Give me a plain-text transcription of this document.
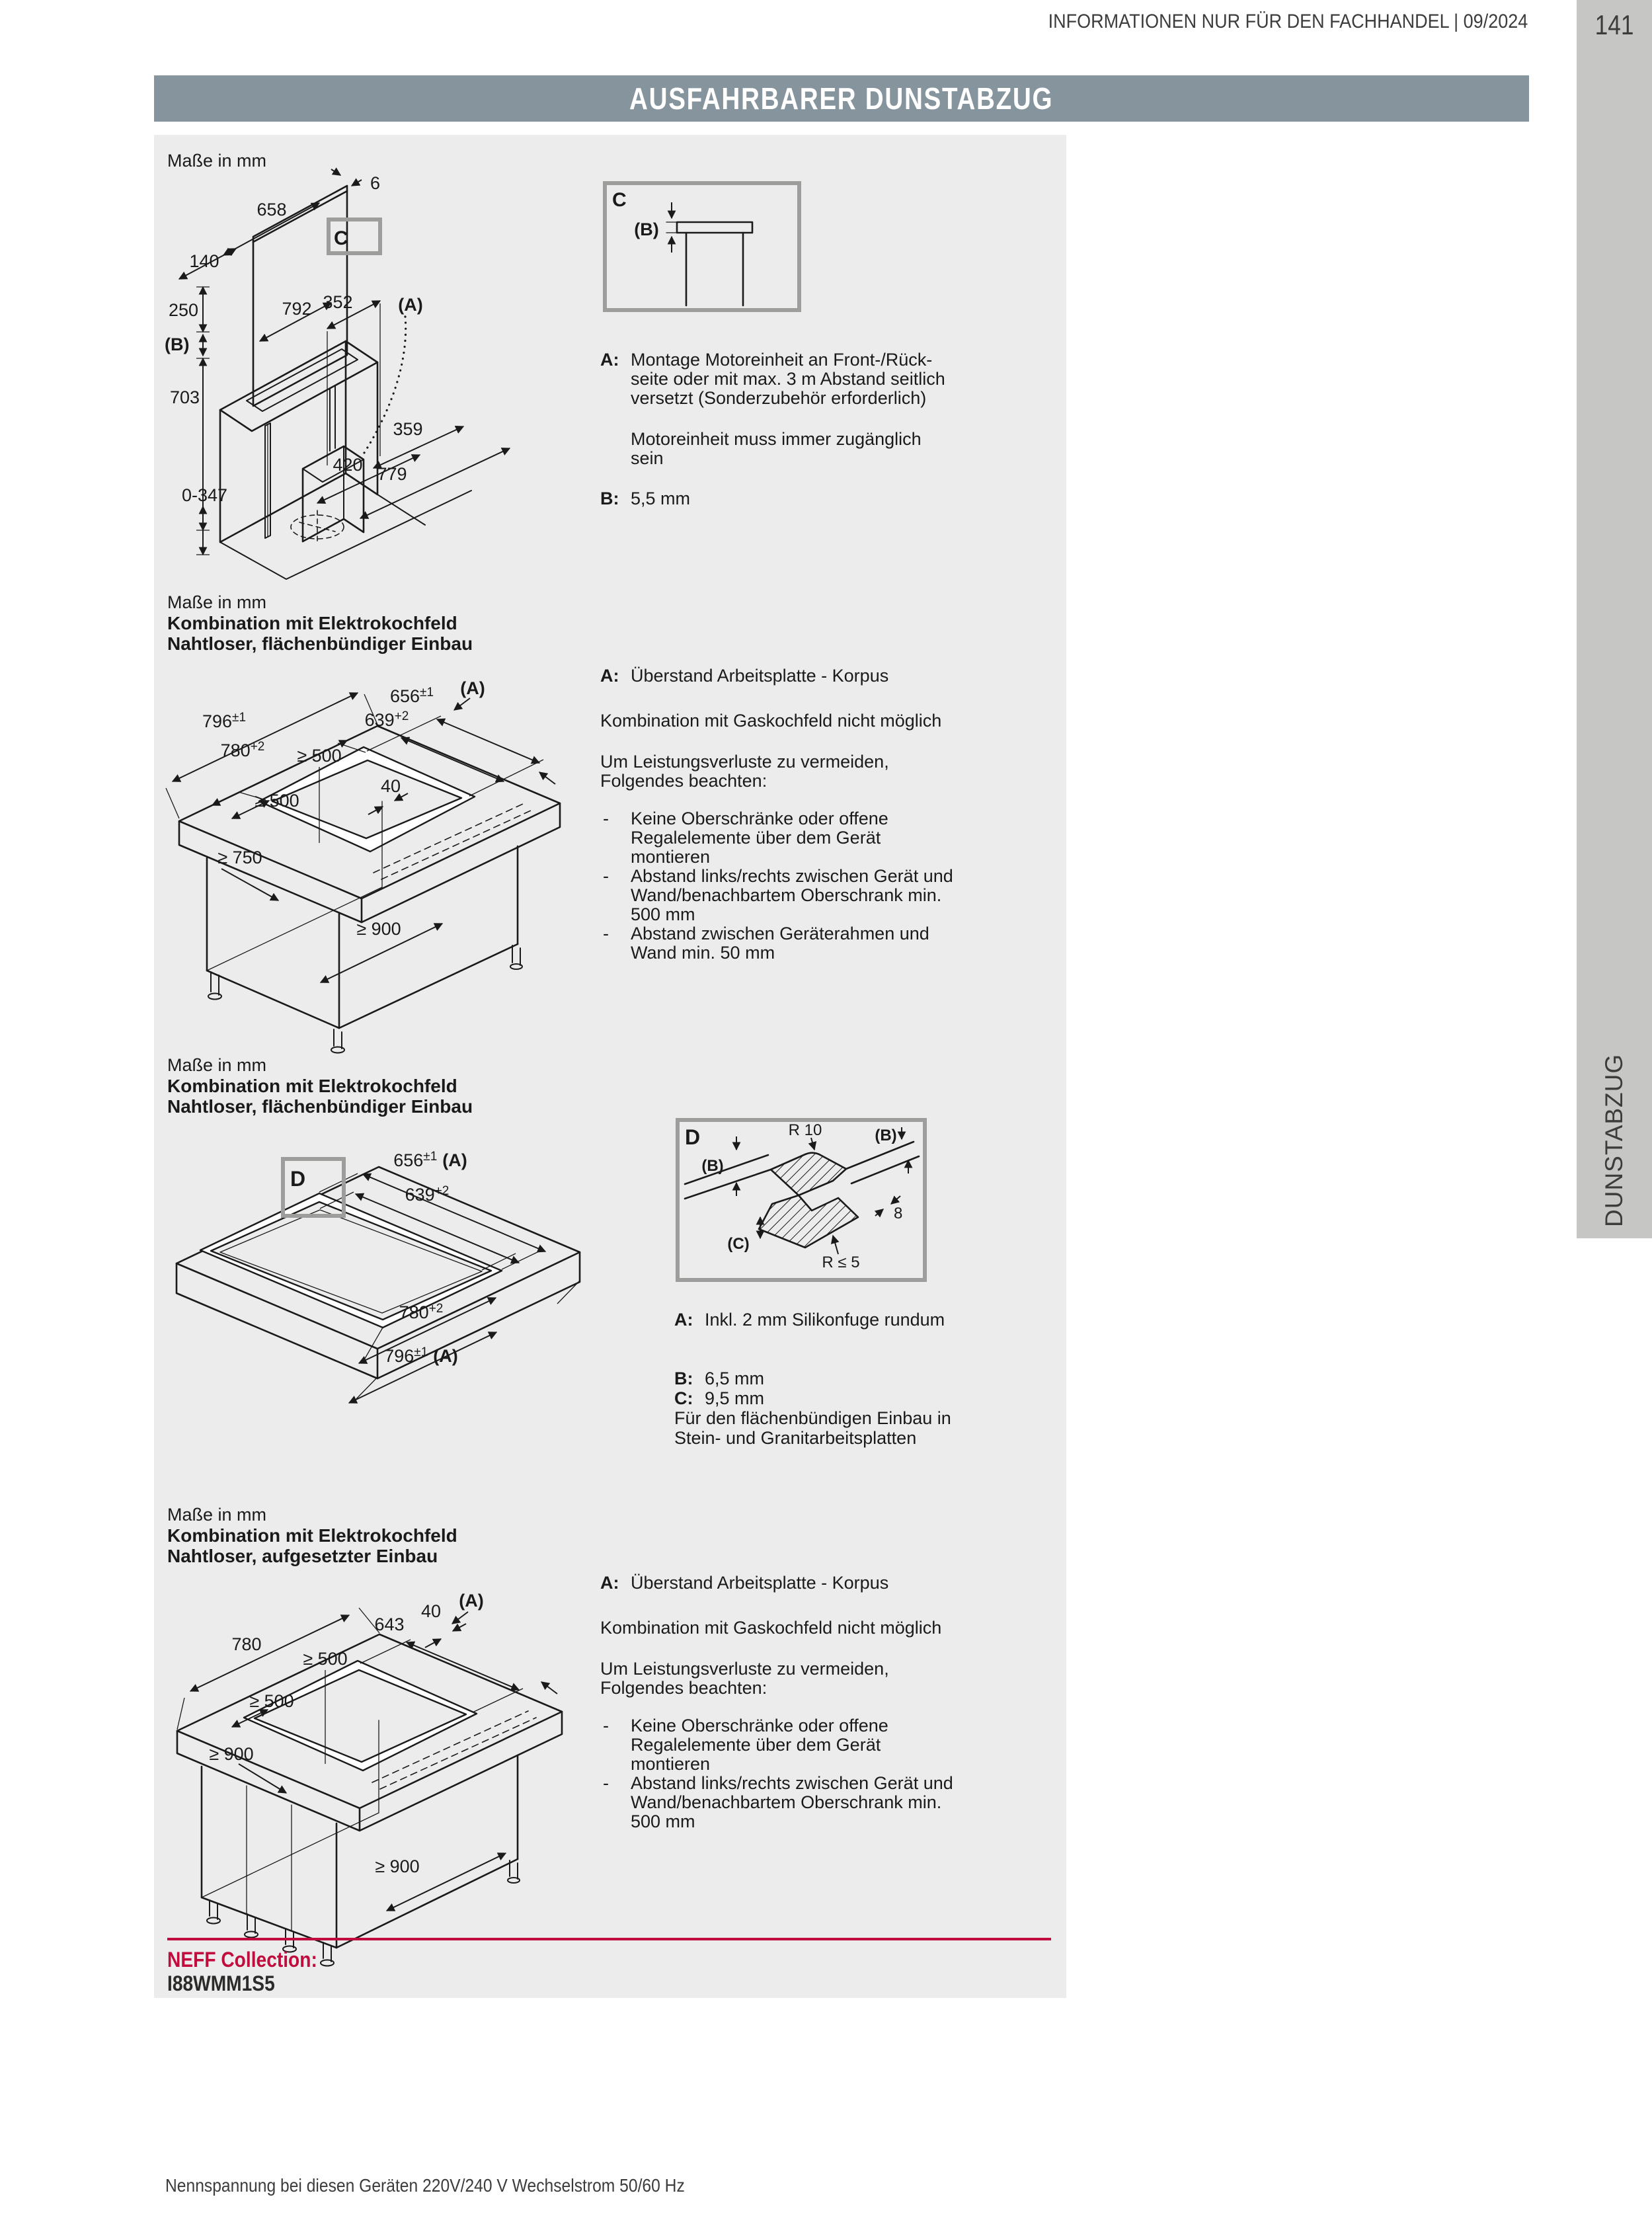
INFORMATIONEN NUR FÜR DEN FACHHANDEL | 09/2024	141
DUNSTABZUG
AUSFAHRBARER DUNSTABZUG
Maße in mm
6
658
140
250
(B)
703
0-347
792 352	(A)
359
420 779
C
C
(B)
A: Montage Motoreinheit an Front-/Rück-
seite oder mit max. 3 m Abstand seitlich
versetzt (Sonderzubehör erforderlich)
Motoreinheit muss immer zugänglich
sein
B: 5,5 mm
Maße in mm
Kombination mit Elektrokochfeld
Nahtloser, flächenbündiger Einbau
$656^{\pm 1}$ (A)
$639^{+2}$
$796^{\pm 1}$
$780^{+2} \ge 500$
40
≥ 500
≥ 750
≥ 900
A: Überstand Arbeitsplatte - Korpus
Kombination mit Gaskochfeld nicht möglich
Um Leistungsverluste zu vermeiden,
Folgendes beachten:
- Keine Oberschränke oder offene
Regalelemente über dem Gerät
montieren
- Abstand links/rechts zwischen Gerät und
Wand/benachbartem Oberschrank min.
500 mm
- Abstand zwischen Geräterahmen und
Wand min. 50 mm
Maße in mm
Kombination mit Elektrokochfeld
Nahtloser, flächenbündiger Einbau
$656^{\pm 1}$ (A)
$639^{+2}$
$780^{+2}$
$796^{\pm 1}$ (A)
D
D
(B)
R 10	(B)
8
(C)
R ≤ 5
A: Inkl. 2 mm Silikonfuge rundum
B: 6,5 mm
C: 9,5 mm
Für den flächenbündigen Einbau in
Stein- und Granitarbeitsplatten
Maße in mm
Kombination mit Elektrokochfeld
Nahtloser, aufgesetzter Einbau
643
40
(A)
780
≥ 500
≥ 500
≥ 900
≥ 900
A: Überstand Arbeitsplatte - Korpus
Kombination mit Gaskochfeld nicht möglich
Um Leistungsverluste zu vermeiden,
Folgendes beachten:
- Keine Oberschränke oder offene
Regalelemente über dem Gerät
montieren
- Abstand links/rechts zwischen Gerät und
Wand/benachbartem Oberschrank min.
500 mm
NEFF Collection:
I88WMM1S5
Nennspannung bei diesen Geräten 220V/240 V Wechselstrom 50/60 Hz
